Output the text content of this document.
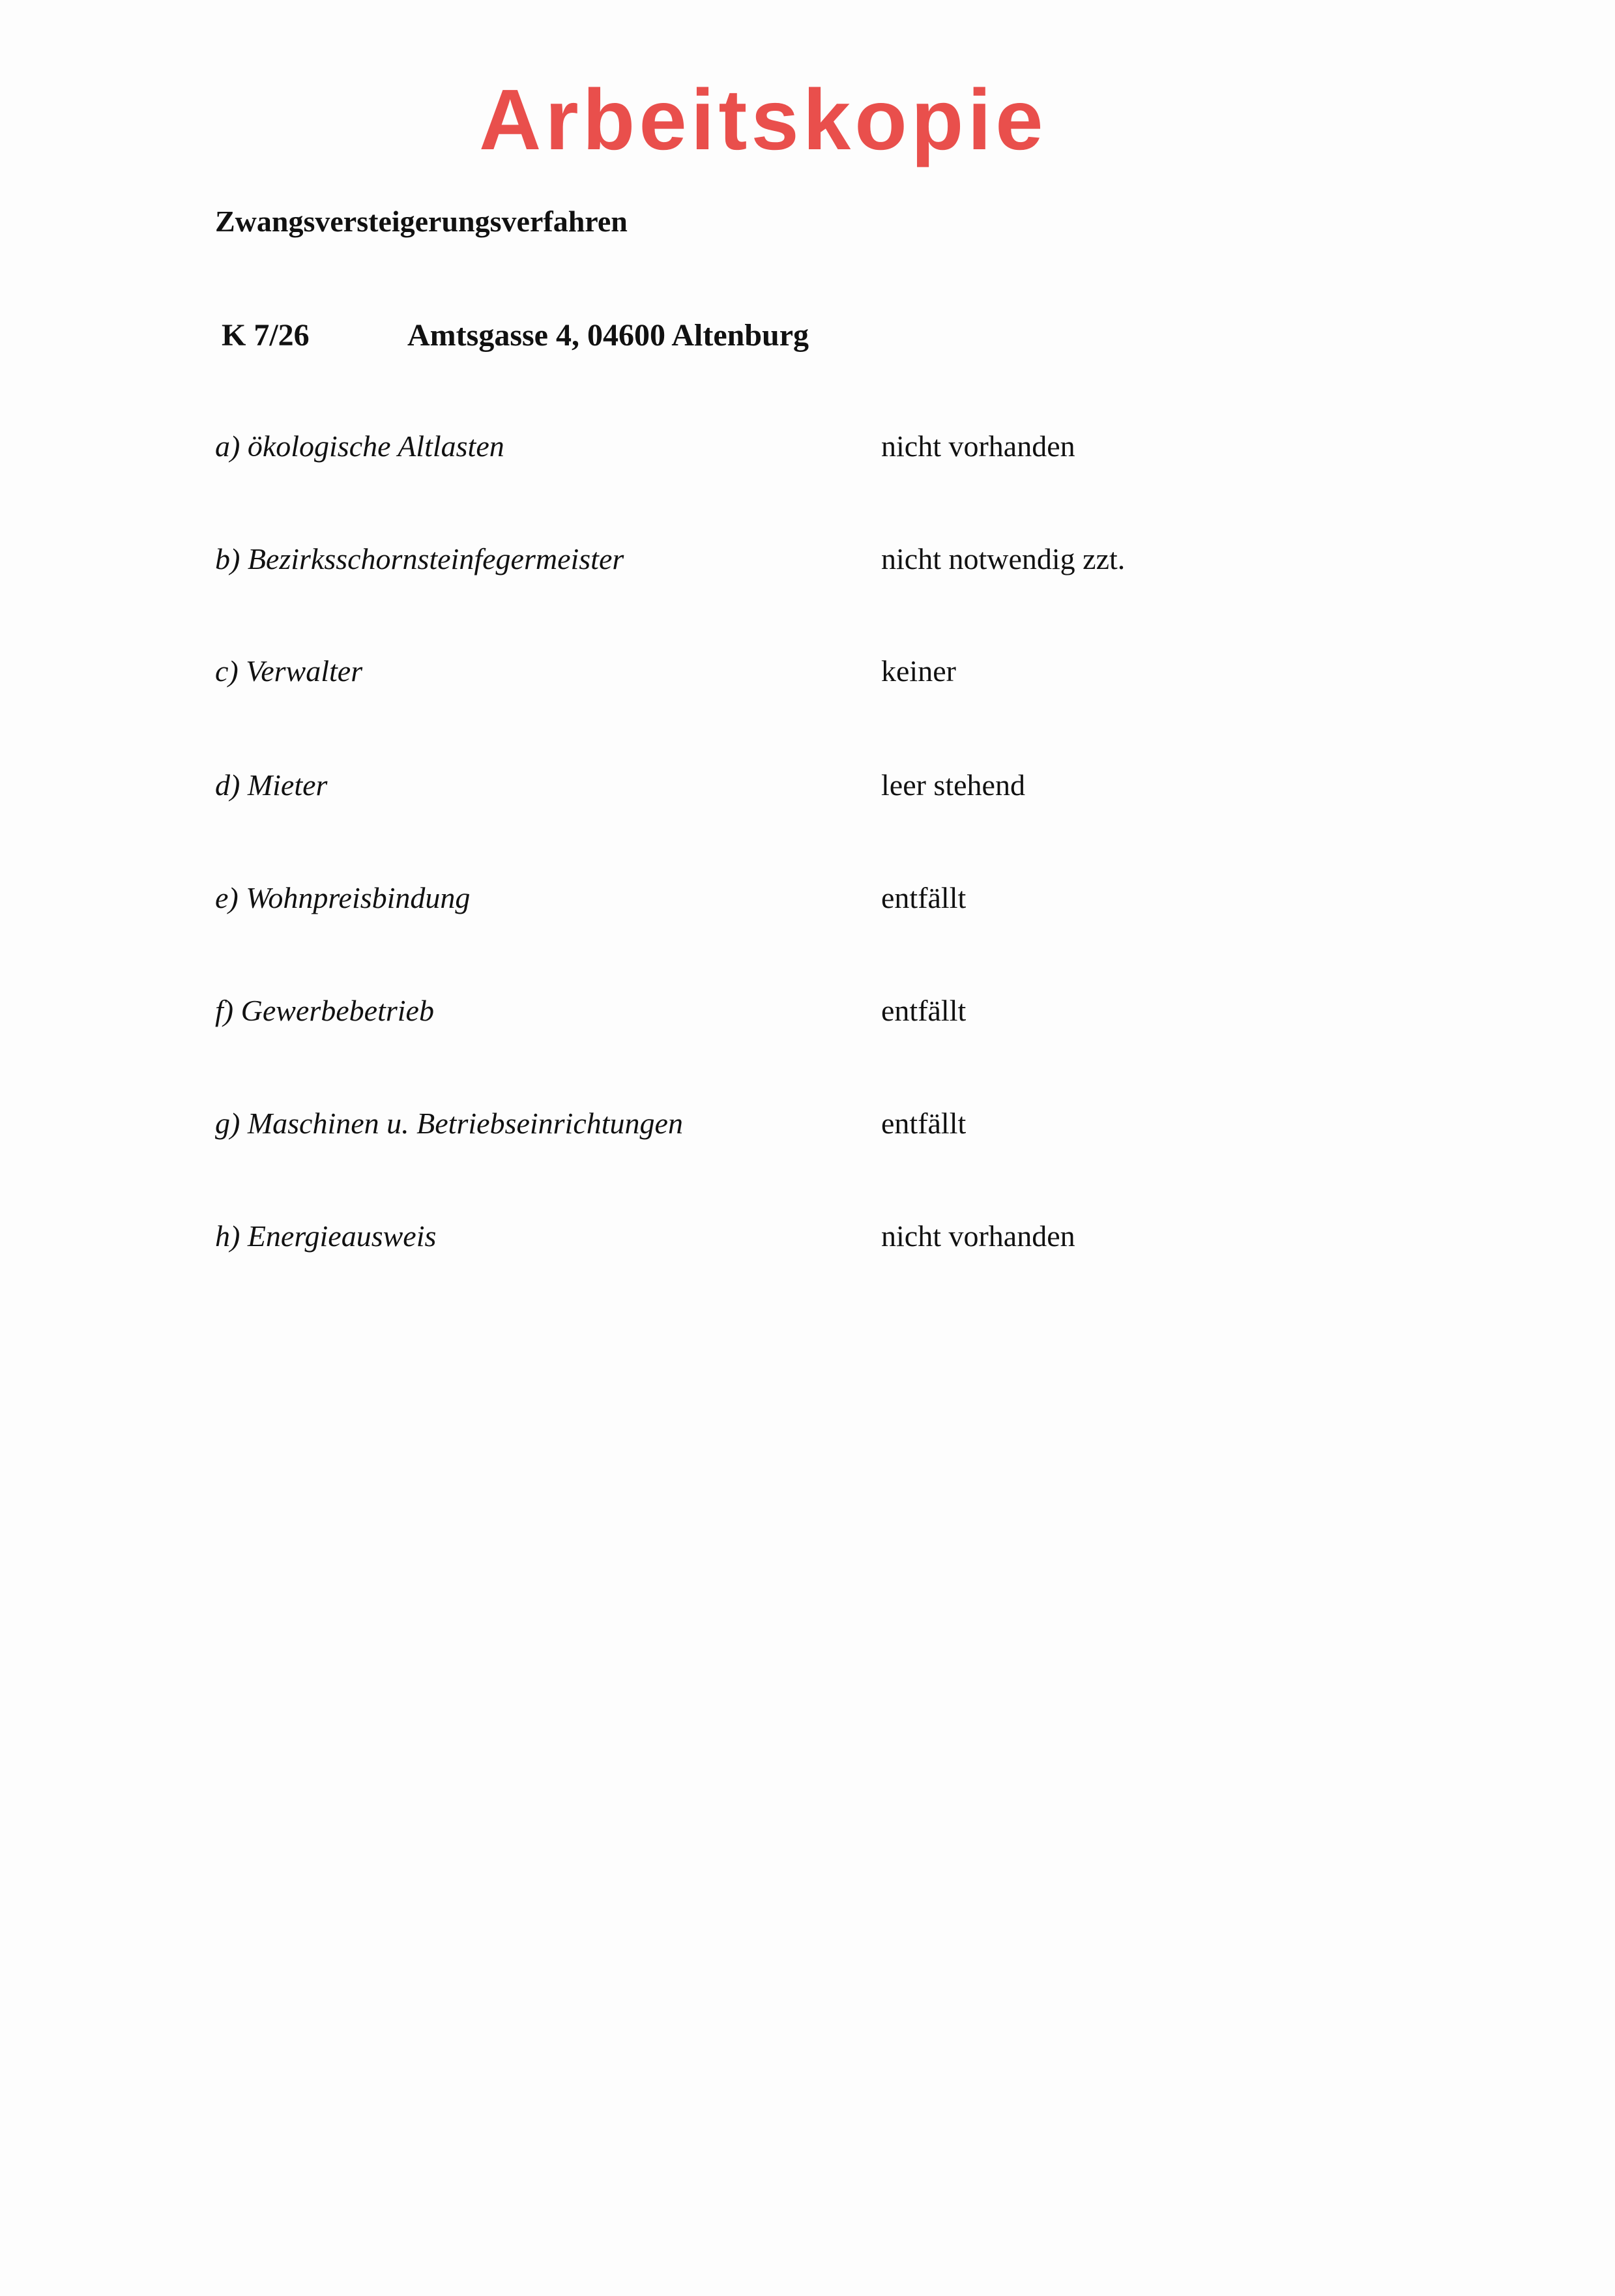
Arbeitskopie
Zwangsversteigerungsverfahren
K 7/26	Amtsgasse 4, 04600 Altenburg
a) ökologische Altlasten	nicht vorhanden
b) Bezirksschornsteinfegermeister	nicht notwendig zzt.
c) Verwalter	keiner
d) Mieter	leer stehend
e) Wohnpreisbindung	entfällt
f) Gewerbebetrieb	entfällt
g) Maschinen u. Betriebseinrichtungen	entfällt
h) Energieausweis	nicht vorhanden
